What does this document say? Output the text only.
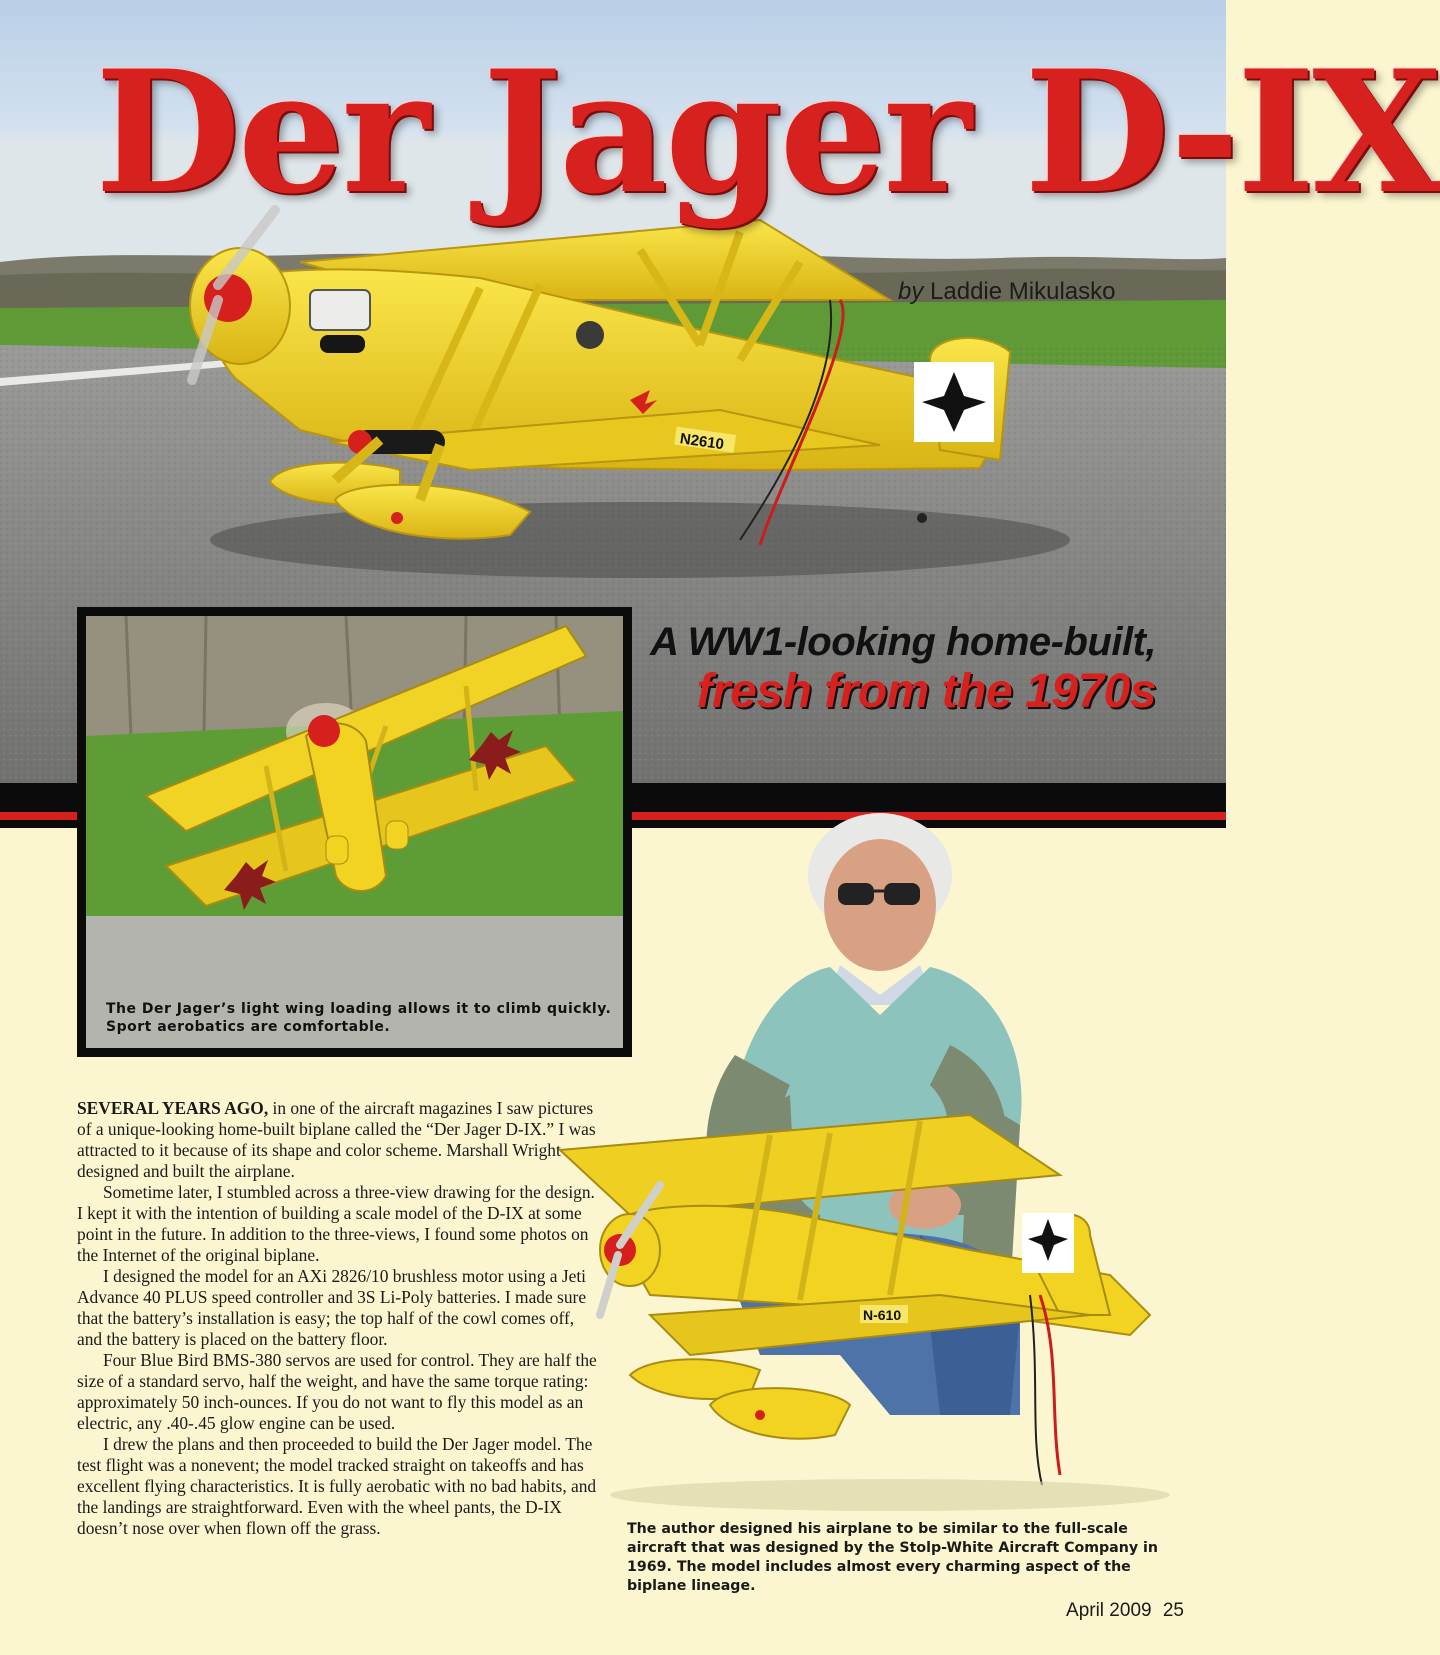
N2610
Der Jager D-IX
by Laddie Mikulasko
A WW1-looking home-built,
fresh from the 1970s
The Der Jager’s light wing loading allows it to climb quickly. Sport aerobatics are comfortable.
N-610

SEVERAL YEARS AGO, in one of the aircraft magazines I saw pictures of a unique-looking home-built biplane called the “Der Jager D-IX.” I was attracted to it because of its shape and color scheme. Marshall Wright designed and built the airplane.

Sometime later, I stumbled across a three-view drawing for the design. I kept it with the intention of building a scale model of the D-IX at some point in the future. In addition to the three-views, I found some photos on the Internet of the original biplane.

I designed the model for an AXi 2826/10 brushless motor using a Jeti Advance 40 PLUS speed controller and 3S Li-Poly batteries. I made sure that the battery’s installation is easy; the top half of the cowl comes off, and the battery is placed on the battery floor.

Four Blue Bird BMS-380 servos are used for control. They are half the size of a standard servo, half the weight, and have the same torque rating: approximately 50 inch-ounces. If you do not want to fly this model as an electric, any .40-.45 glow engine can be used.

I drew the plans and then proceeded to build the Der Jager model. The test flight was a nonevent; the model tracked straight on takeoffs and has excellent flying characteristics. It is fully aerobatic with no bad habits, and the landings are straightforward. Even with the wheel pants, the D-IX doesn’t nose over when flown off the grass.	The author designed his airplane to be similar to the full-scale aircraft that was designed by the Stolp-White Aircraft Company in 1969. The model includes almost every charming aspect of the biplane lineage.
April 2009 25
